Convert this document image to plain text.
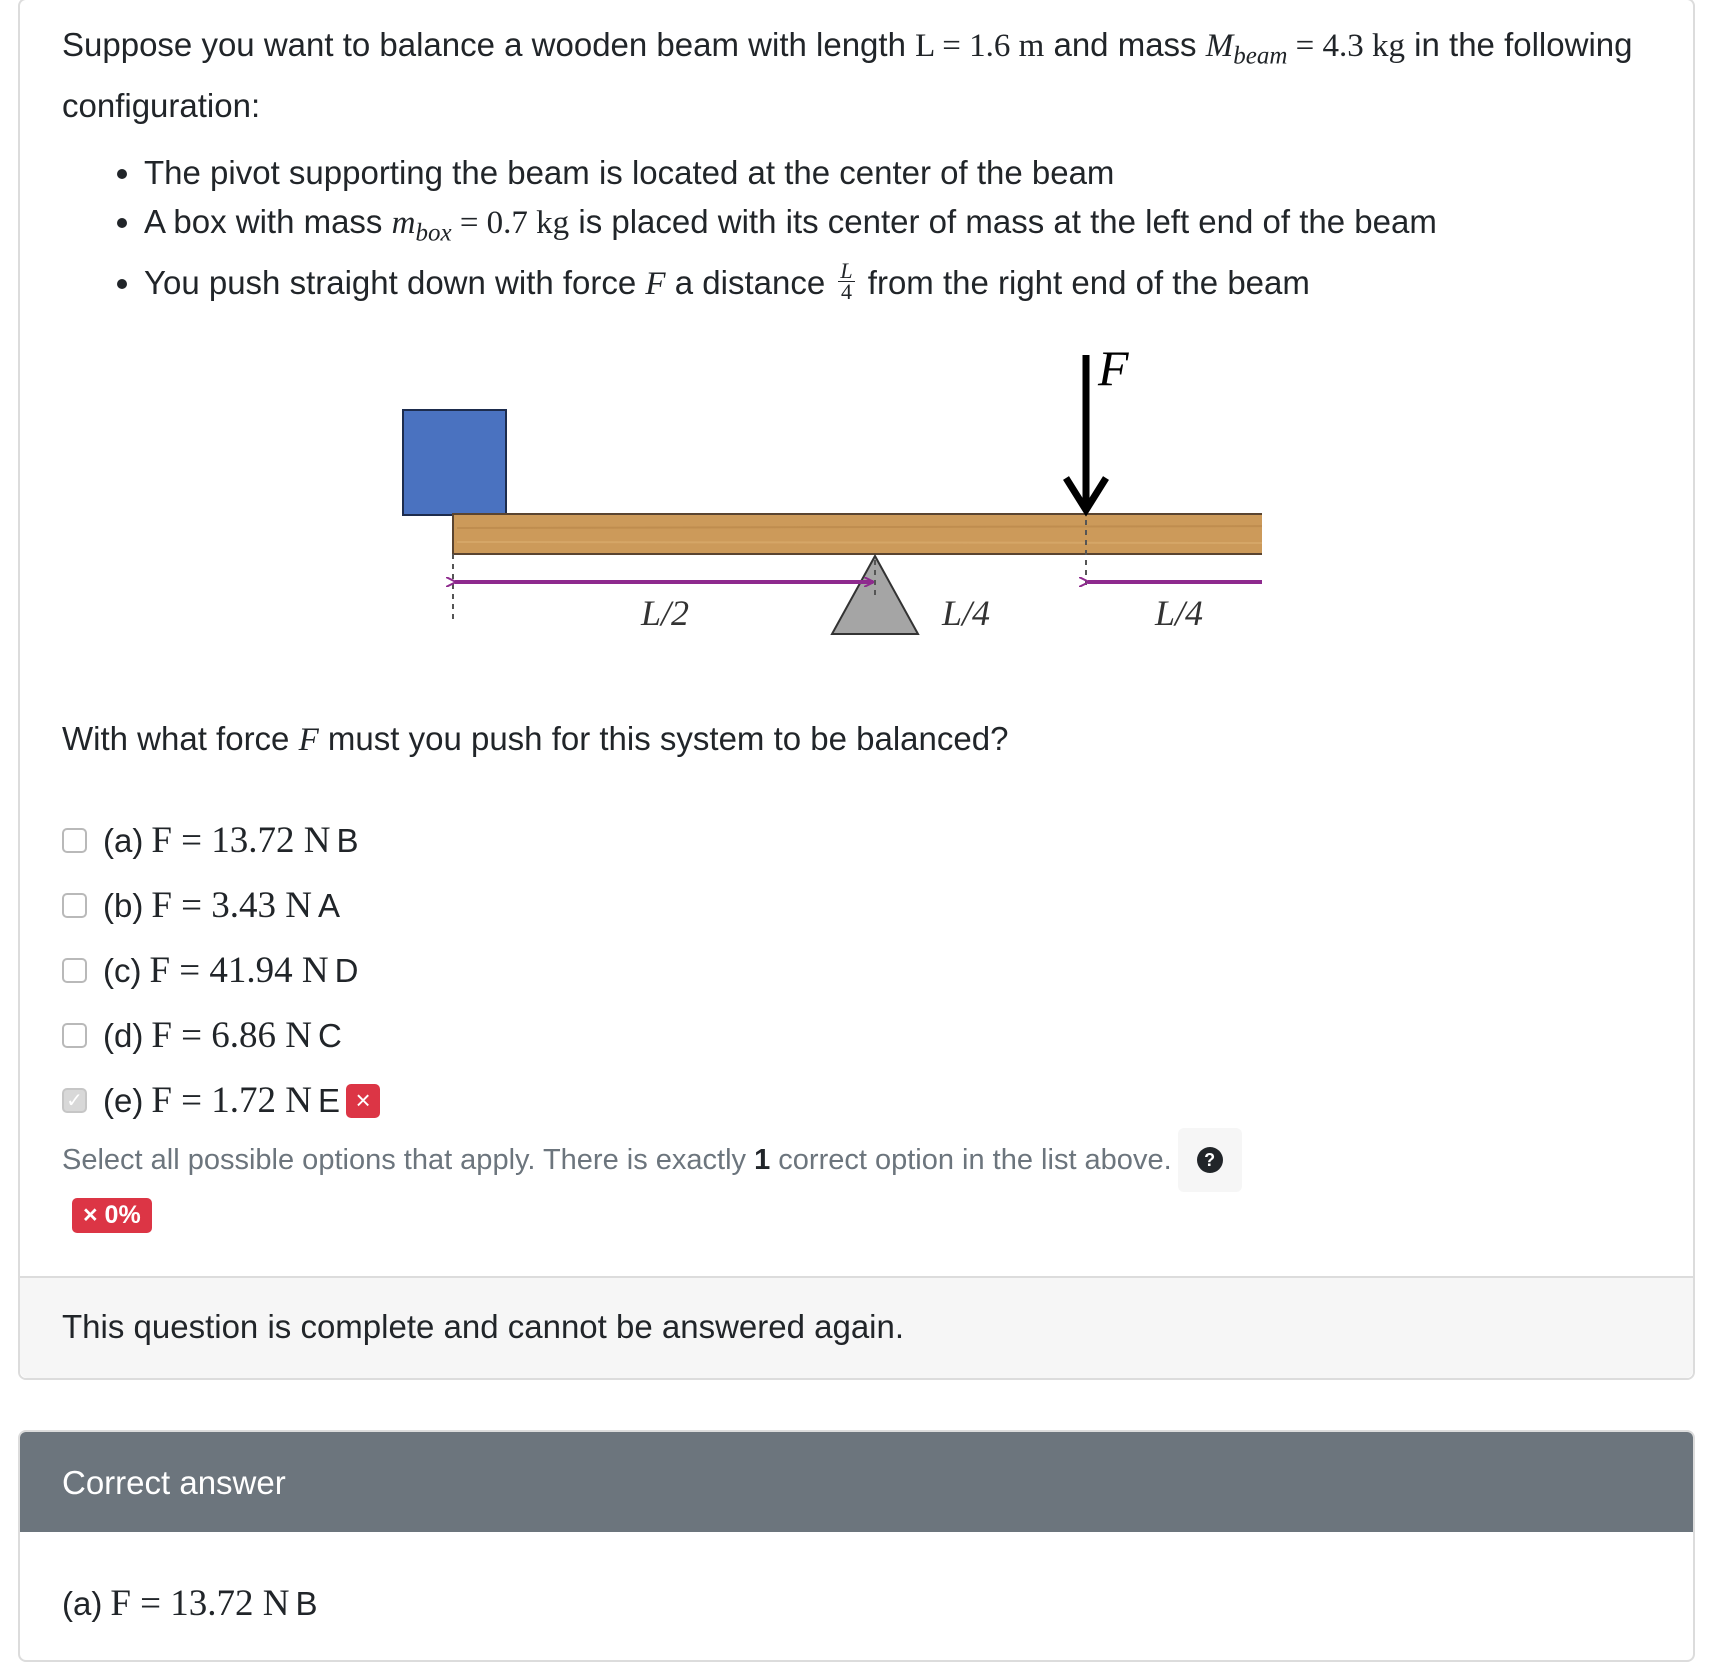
Suppose you want to balance a wooden beam with length L = 1.6 m and mass $M_{beam} = 4.3$ kg in the following configuration:

• The pivot supporting the beam is located at the center of the beam
• A box with mass $m_{box} = 0.7$ kg is placed with its center of mass at the left end of the beam
• You push straight down with force F a distance $\frac{L}{4}$ from the right end of the beam
L/2	L/4	L/4
F

With what force F must you push for this system to be balanced?

(a) F = 13.72 N B
(b) F = 3.43 N A
(c) F = 41.94 N D
(d) F = 6.86 N C
✓ (e) F = 1.72 N E ×
Select all possible options that apply. There is exactly
1
correct option in the list above.	?
× 0%

This question is complete and cannot be answered again.

Correct answer
(a) F = 13.72 N B
